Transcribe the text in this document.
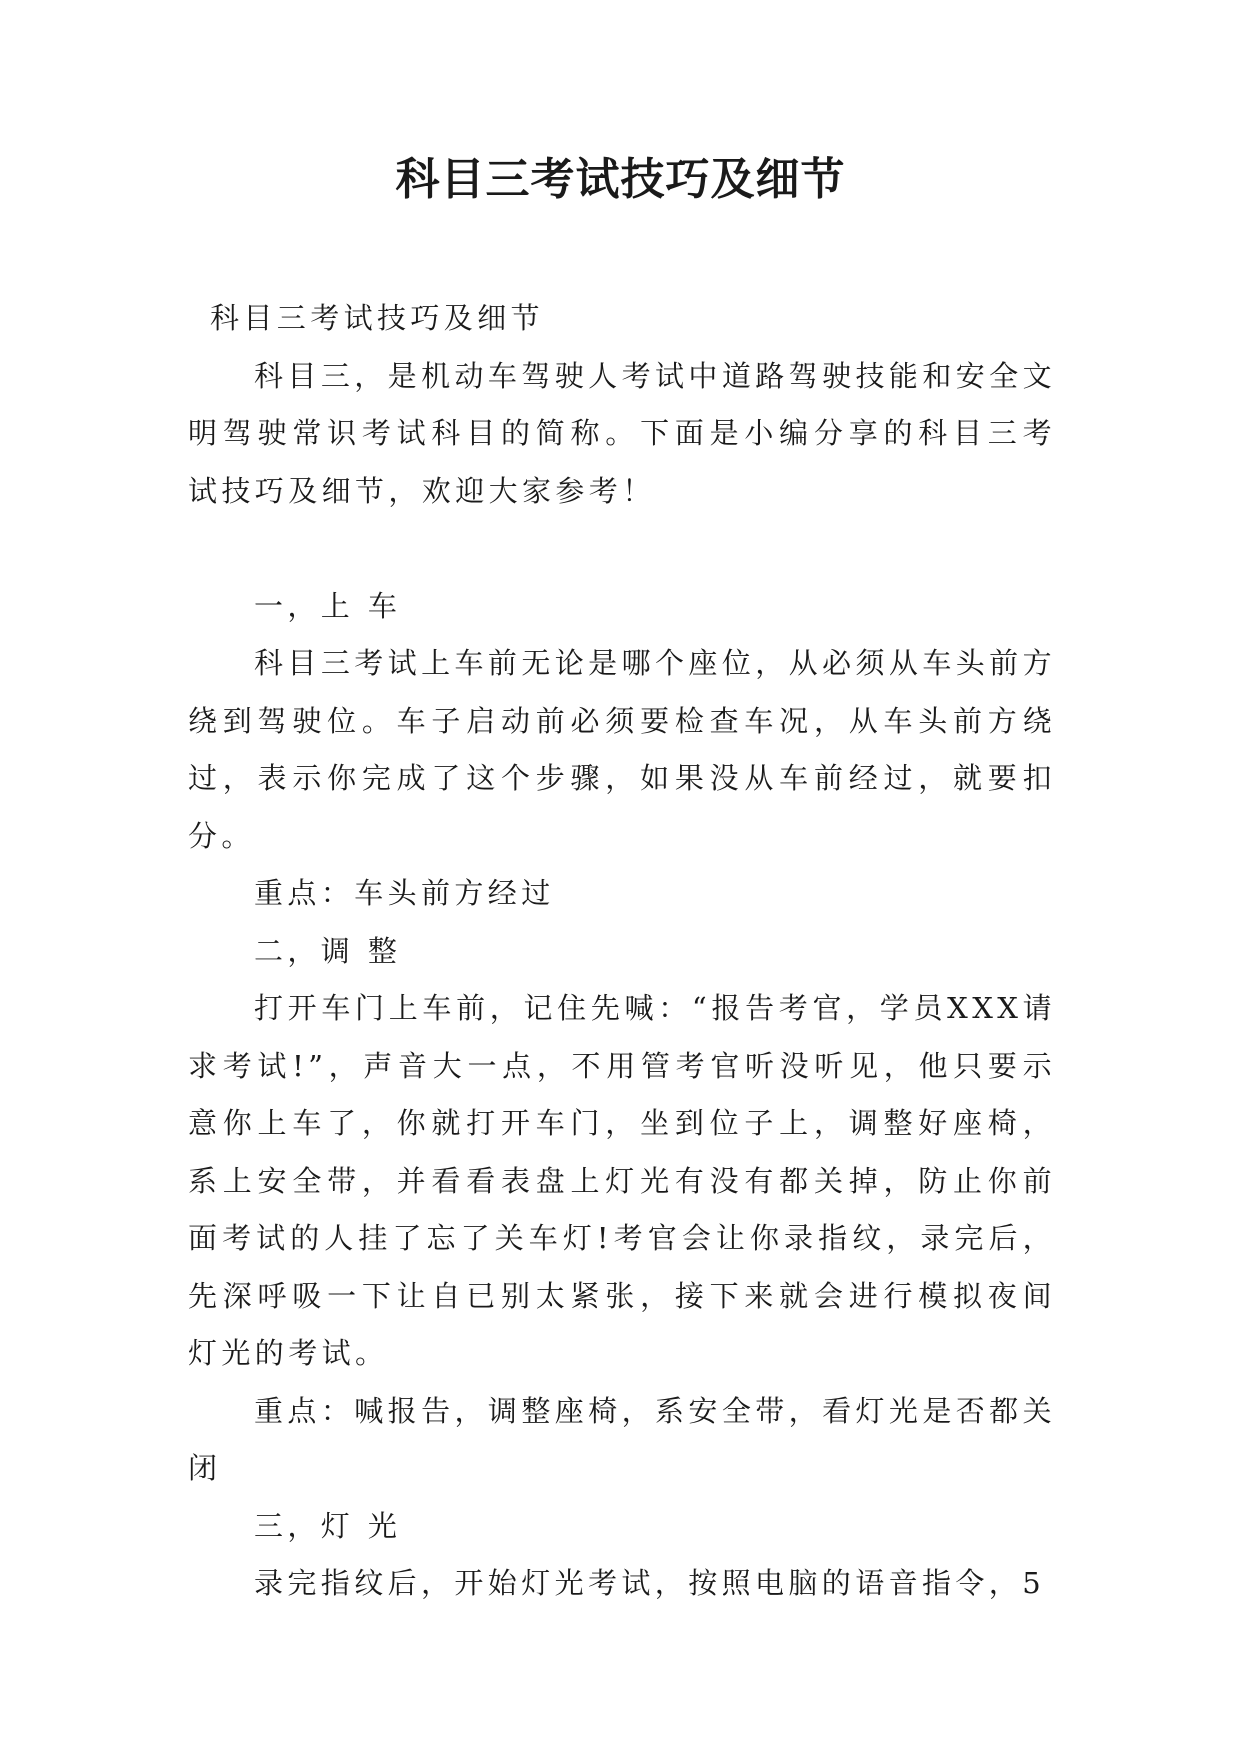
科目三考试技巧及细节

科目三考试技巧及细节

科目三，是机动车驾驶人考试中道路驾驶技能和安全文明驾驶常识考试科目的简称。下面是小编分享的科目三考试技巧及细节，欢迎大家参考！

一，上 车

科目三考试上车前无论是哪个座位，从必须从车头前方绕到驾驶位。车子启动前必须要检查车况，从车头前方绕过，表示你完成了这个步骤，如果没从车前经过，就要扣分。

重点：车头前方经过

二，调 整

打开车门上车前，记住先喊：“报告考官，学员XXX请求考试!”，声音大一点，不用管考官听没听见，他只要示意你上车了，你就打开车门，坐到位子上，调整好座椅，系上安全带，并看看表盘上灯光有没有都关掉，防止你前面考试的人挂了忘了关车灯!考官会让你录指纹，录完后，先深呼吸一下让自已别太紧张，接下来就会进行模拟夜间灯光的考试。

重点：喊报告，调整座椅，系安全带，看灯光是否都关闭

三，灯 光

录完指纹后，开始灯光考试，按照电脑的语音指令，5
